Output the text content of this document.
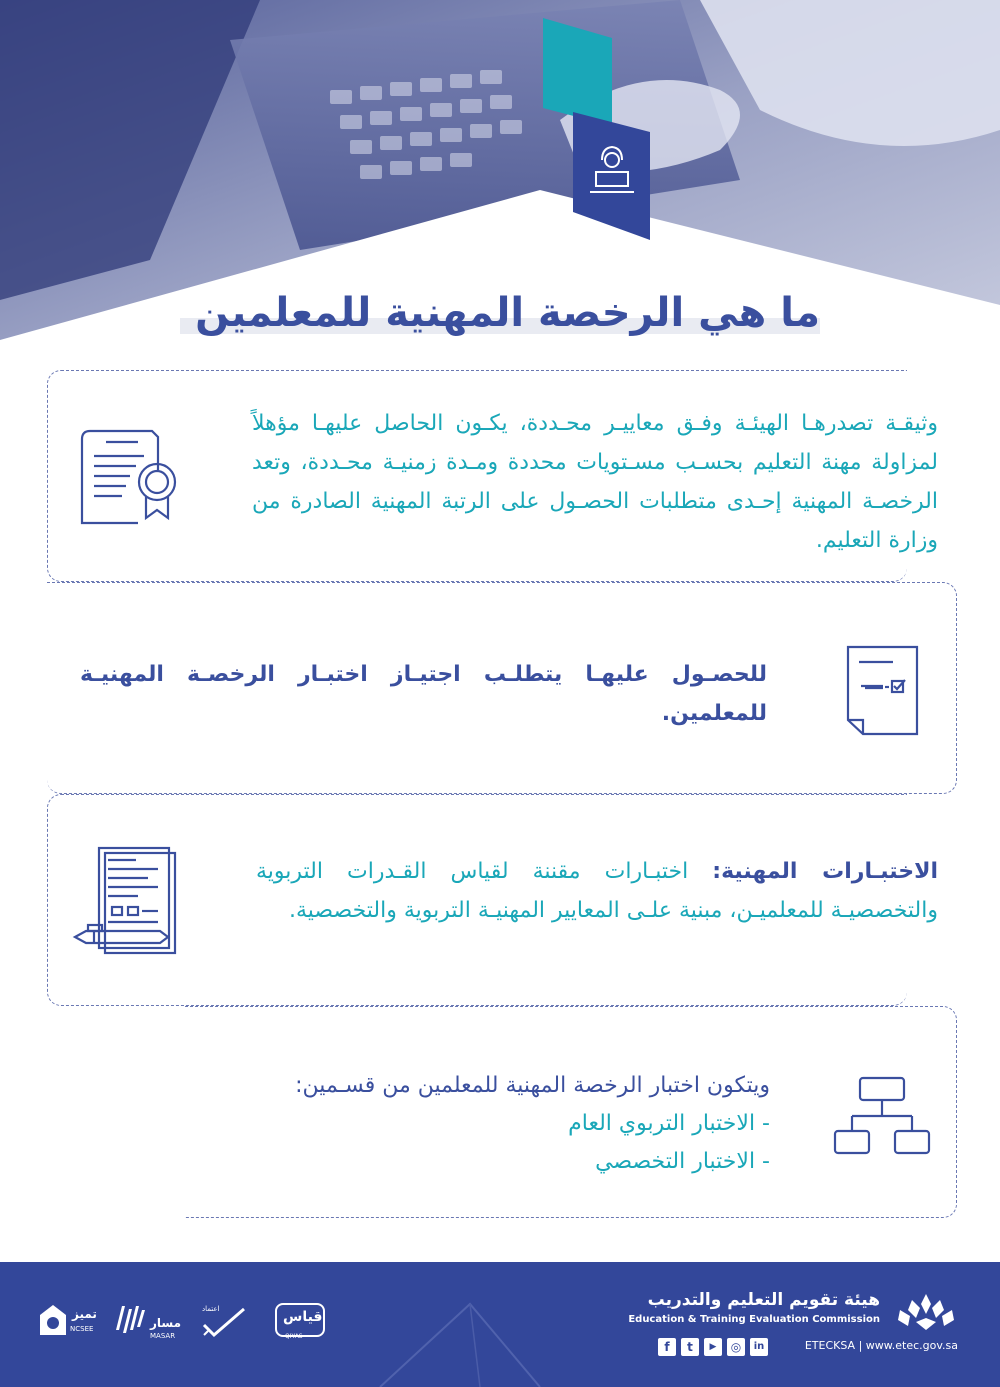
ما هي الرخصة المهنية للمعلمين
وثيقـة تصدرهـا الهيئـة وفـق معاييـر محـددة، يكـون الحاصل عليهـا مؤهلاً لمزاولة مهنة التعليم بحسـب مسـتويات محددة ومـدة زمنيـة محـددة، وتعد الرخصـة المهنية إحـدى متطلبات الحصـول على الرتبة المهنية الصادرة من وزارة التعليم.
للحصـول عليهـا يتطلـب اجتيـاز اختبـار الرخصـة المهنيـة للمعلمين.
الاختبـارات المهنية: اختبـارات مقننة لقياس القـدرات التربوية والتخصصيـة للمعلميـن، مبنية علـى المعايير المهنيـة التربوية والتخصصية.
ويتكون اختبار الرخصة المهنية للمعلمين من قسـمين:
- الاختبار التربوي العام
- الاختبار التخصصي
تميز
NCSEE	مسار
MASAR
اعتماد	قياس
QIYAS
هيئة تقويم التعليم والتدريب
Education & Training Evaluation Commission
f	t	▶	◎	in	ETECKSA | www.etec.gov.sa
